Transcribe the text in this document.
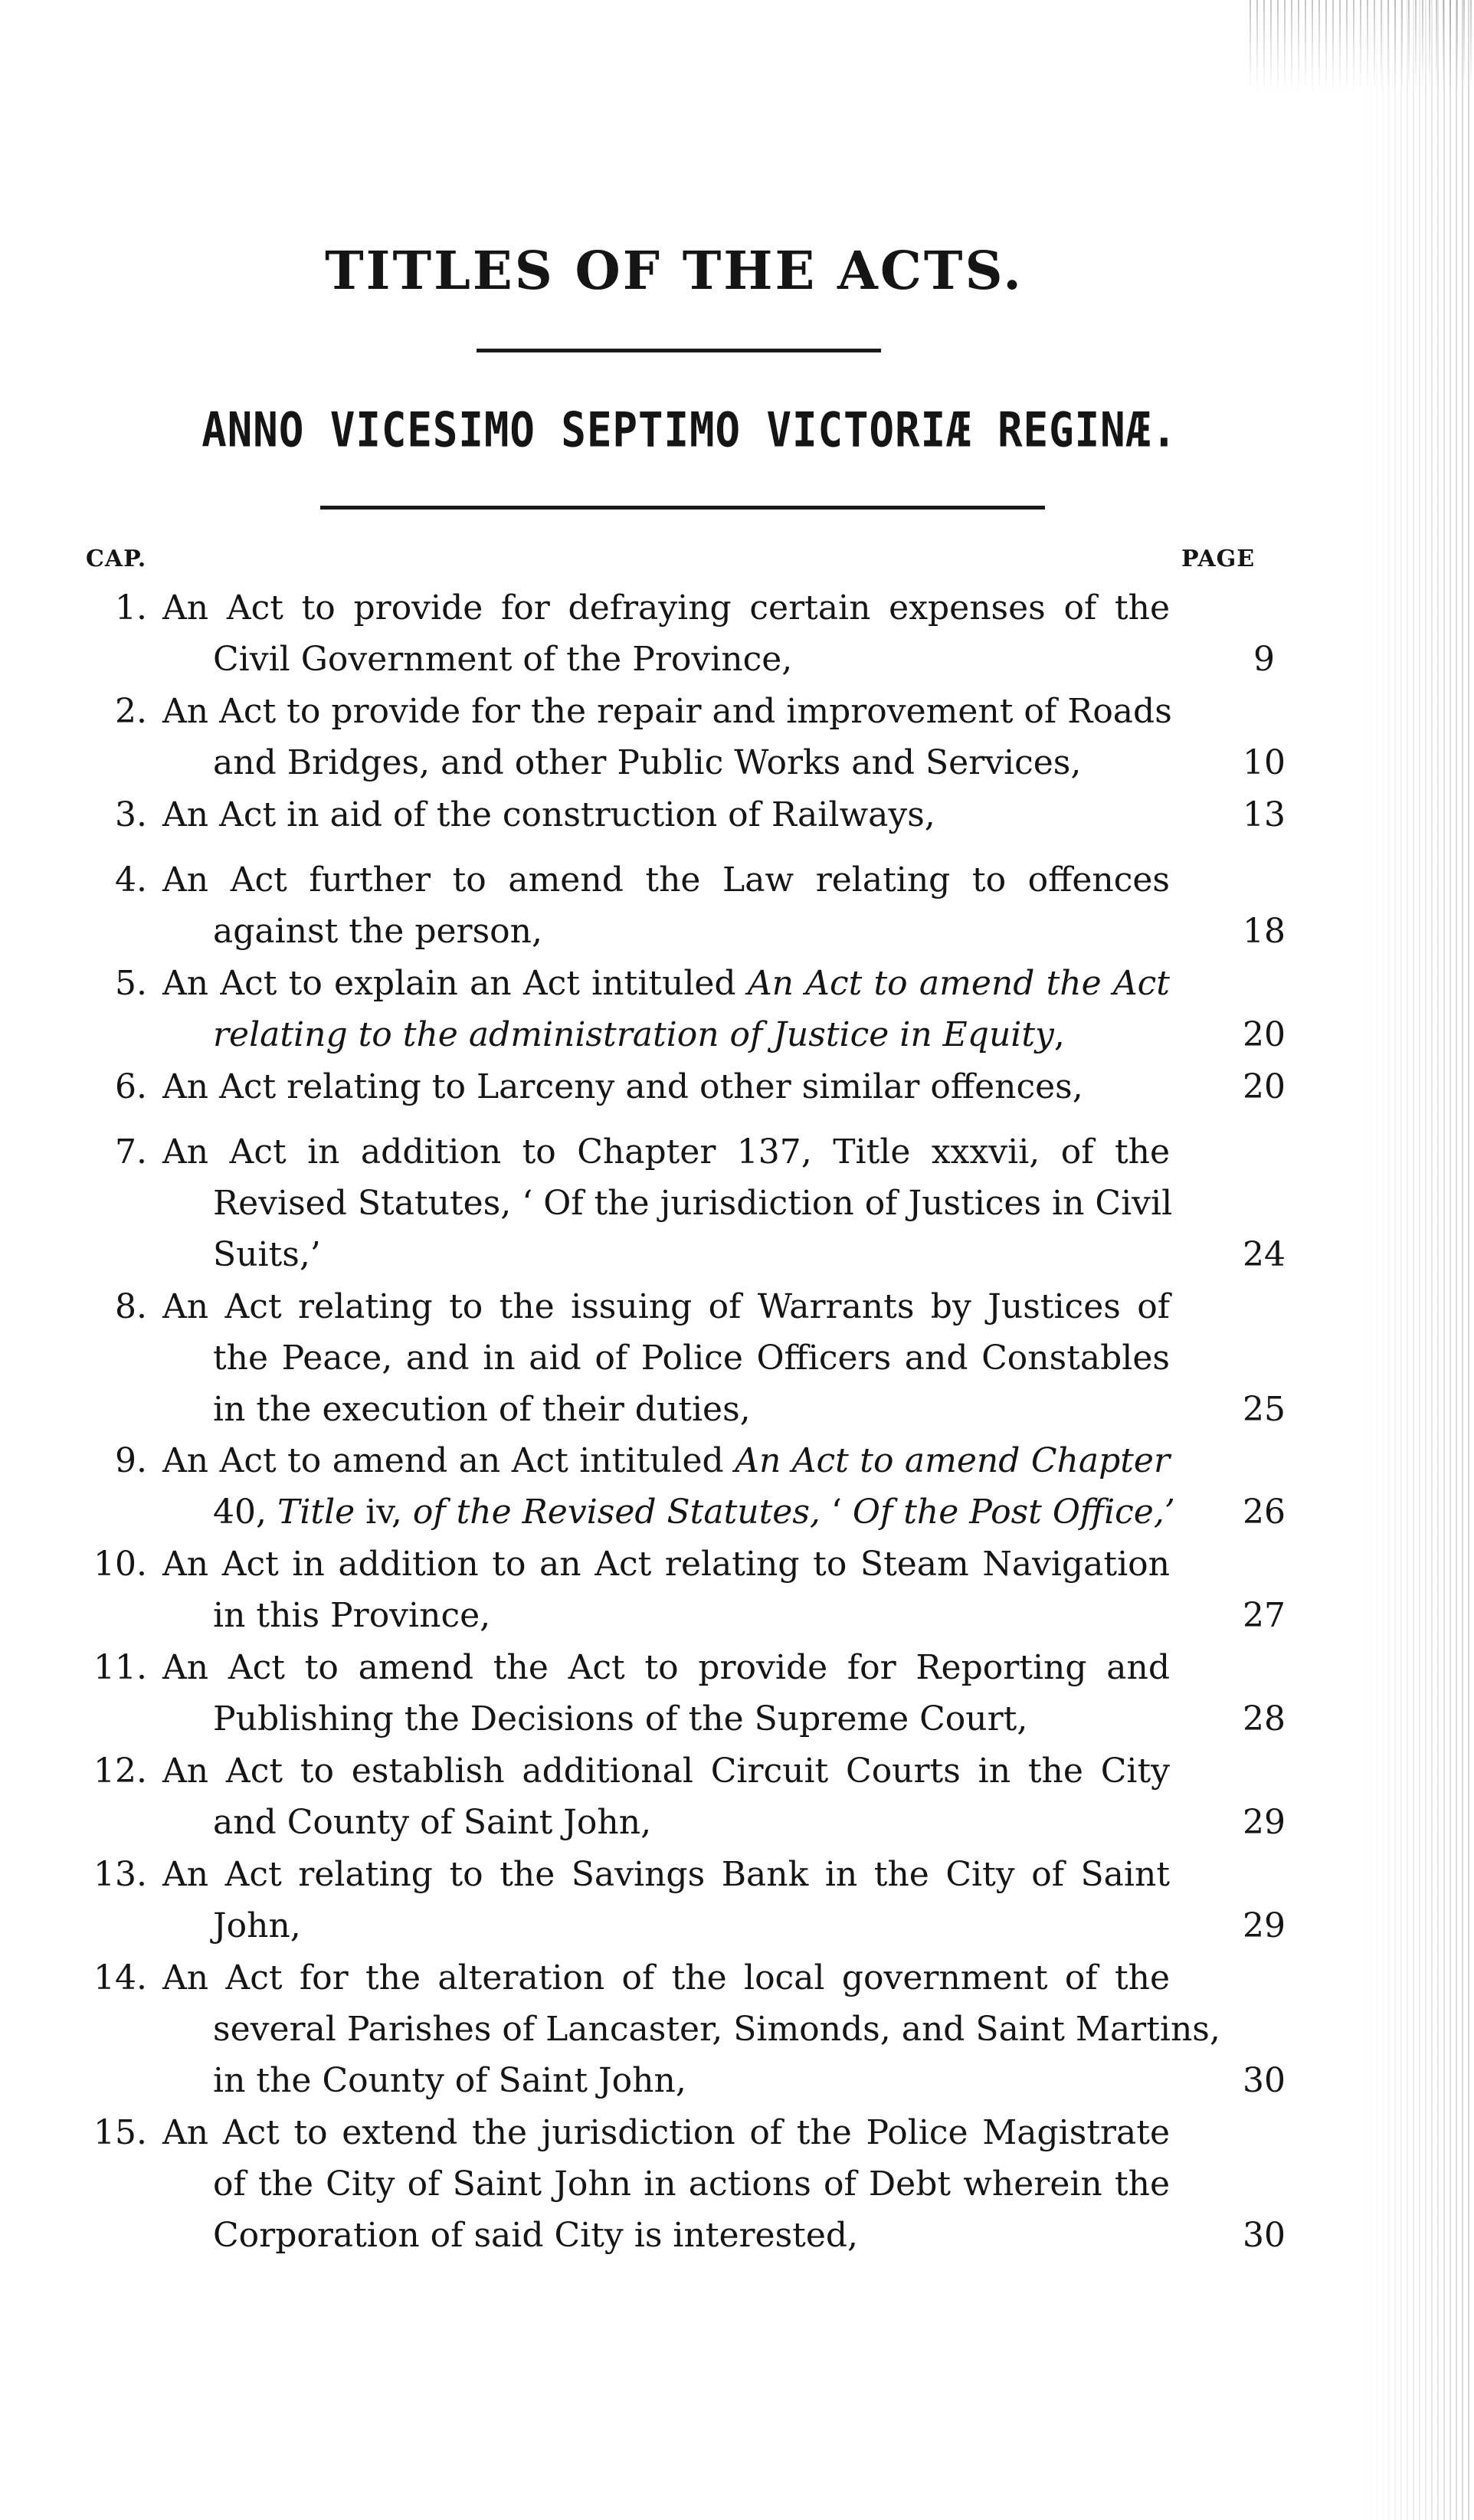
TITLES OF THE ACTS.
ANNO VICESIMO SEPTIMO VICTORIÆ REGINÆ.
CAP.	PAGE
1. An Act to provide for defraying certain expenses of the
Civil Government of the Province,	9
2. An Act to provide for the repair and improvement of Roads
and Bridges, and other Public Works and Services,	10
3. An Act in aid of the construction of Railways,	13
4. An Act further to amend the Law relating to offences
against the person,	18
5. An Act to explain an Act intituled An Act to amend the Act
relating to the administration of Justice in Equity,	20
6. An Act relating to Larceny and other similar offences,	20
7. An Act in addition to Chapter 137, Title xxxvii, of the
Revised Statutes, ‘ Of the jurisdiction of Justices in Civil
Suits,’	24
8. An Act relating to the issuing of Warrants by Justices of
the Peace, and in aid of Police Officers and Constables
in the execution of their duties,	25
9. An Act to amend an Act intituled An Act to amend Chapter
40, Title iv, of the Revised Statutes, ‘ Of the Post Office,’	26
10. An Act in addition to an Act relating to Steam Navigation
in this Province,	27
11. An Act to amend the Act to provide for Reporting and
Publishing the Decisions of the Supreme Court,	28
12. An Act to establish additional Circuit Courts in the City
and County of Saint John,	29
13. An Act relating to the Savings Bank in the City of Saint
John,	29
14. An Act for the alteration of the local government of the
several Parishes of Lancaster, Simonds, and Saint Martins,
in the County of Saint John,	30
15. An Act to extend the jurisdiction of the Police Magistrate
of the City of Saint John in actions of Debt wherein the
Corporation of said City is interested,	30
